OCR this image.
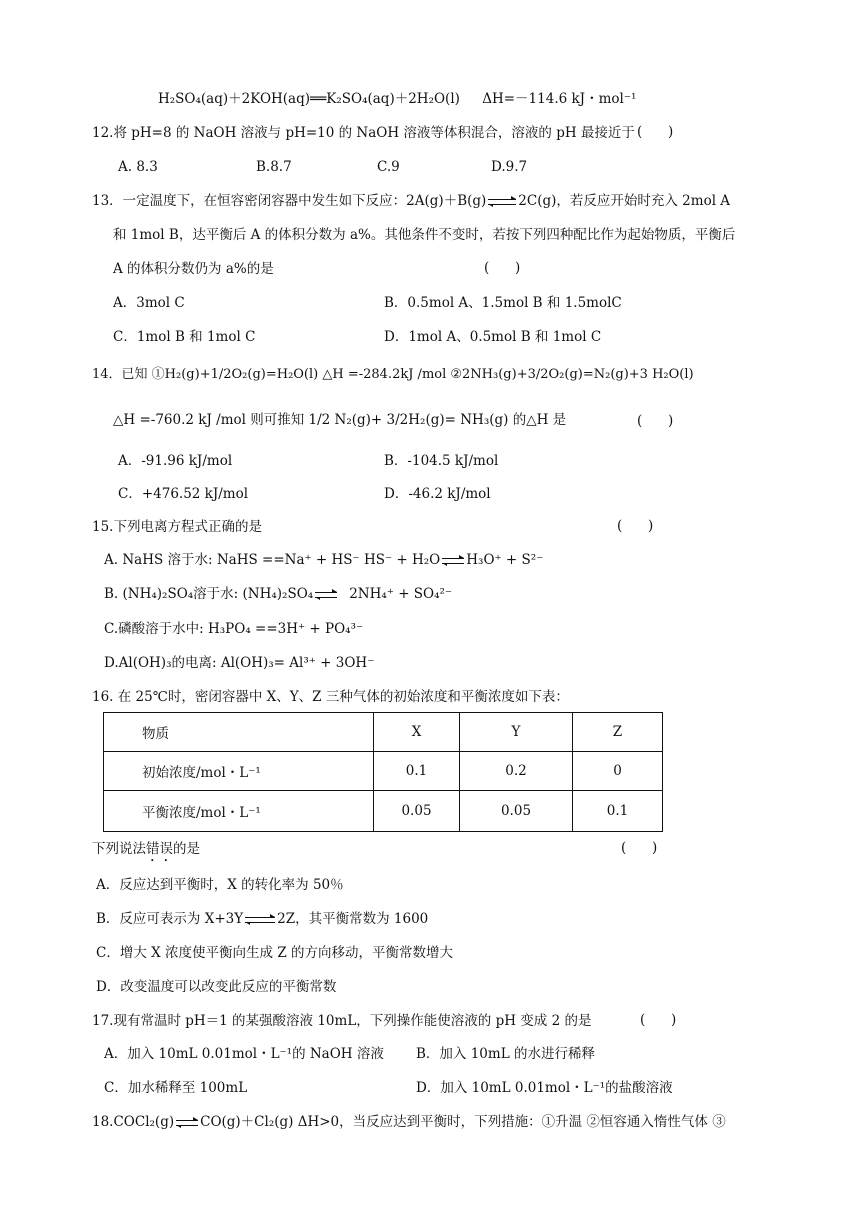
H₂SO₄(aq)＋2KOH(aq)══K₂SO₄(aq)＋2H₂O(l) ΔH=－114.6 kJ・mol⁻¹
12.将 pH=8 的 NaOH 溶液与 pH=10 的 NaOH 溶液等体积混合，溶液的 pH 最接近于 (      )
A. 8.3	B.8.7	C.9	D.9.7
13．一定温度下，在恒容密闭容器中发生如下反应：2A(g)＋B(g) 2C(g)，若反应开始时充入 2mol A
和 1mol B，达平衡后 A 的体积分数为 a%。其他条件不变时，若按下列四种配比作为起始物质，平衡后
A 的体积分数仍为 a%的是	(      )
A．3mol C	B．0.5mol A、1.5mol B 和 1.5molC
C．1mol B 和 1mol C	D．1mol A、0.5mol B 和 1mol C
14．已知 ①H₂(g)+1/2O₂(g)=H₂O(l) △H =-284.2kJ /mol ②2NH₃(g)+3/2O₂(g)=N₂(g)+3 H₂O(l)
△H =-760.2 kJ /mol 则可推知 1/2 N₂(g)+ 3/2H₂(g)= NH₃(g) 的△H 是	(      )
A．-91.96 kJ/mol	B．-104.5 kJ/mol
C．+476.52 kJ/mol	D．-46.2 kJ/mol
15.下列电离方程式正确的是	(      )
A. NaHS 溶于水: NaHS ==Na⁺ + HS⁻ HS⁻ + H₂O H₃O⁺ + S²⁻
B. (NH₄)₂SO₄溶于水: (NH₄)₂SO₄	2NH₄⁺ + SO₄²⁻
C.磷酸溶于水中: H₃PO₄ ==3H⁺ + PO₄³⁻
D.Al(OH)₃的电离: Al(OH)₃= Al³⁺ + 3OH⁻
16. 在 25℃时，密闭容器中 X、Y、Z 三种气体的初始浓度和平衡浓度如下表：
物质	X	Y	Z
初始浓度/mol・L⁻¹	0.1	0.2	0
平衡浓度/mol・L⁻¹	0.05	0.05	0.1
下列说法错误的是	(      )
A．反应达到平衡时，X 的转化率为 50％
B．反应可表示为 X+3Y	2Z，其平衡常数为 1600
C．增大 X 浓度使平衡向生成 Z 的方向移动，平衡常数增大
D．改变温度可以改变此反应的平衡常数
17.现有常温时 pH＝1 的某强酸溶液 10mL，下列操作能使溶液的 pH 变成 2 的是	(      )
A．加入 10mL 0.01mol・L⁻¹的 NaOH 溶液 B．加入 10mL 的水进行稀释
C．加水稀释至 100mL	D．加入 10mL 0.01mol・L⁻¹的盐酸溶液
18.COCl₂(g) CO(g)＋Cl₂(g) ΔH>0，当反应达到平衡时，下列措施：①升温 ②恒容通入惰性气体 ③
